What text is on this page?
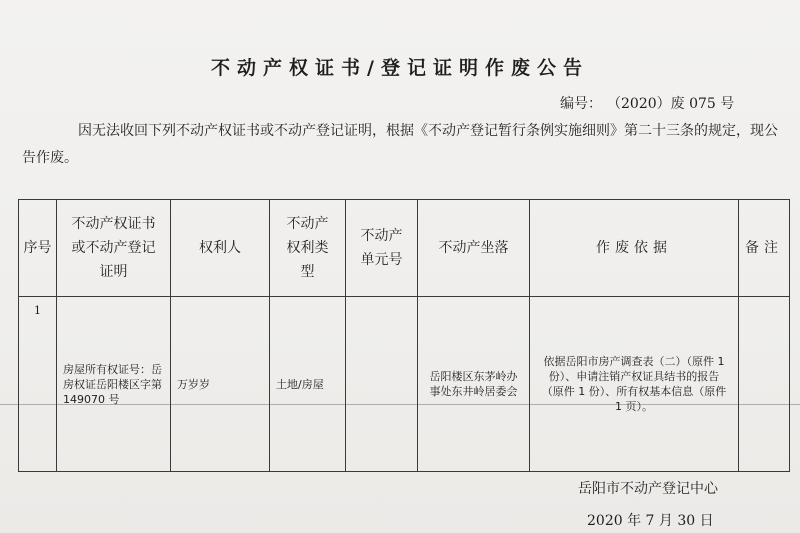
不动产权证书/登记证明作废公告
编号： （2020）废 075 号
因无法收回下列不动产权证书或不动产登记证明，根据《不动产登记暂行条例实施细则》第二十三条的规定，现公告作废。
序号	不动产权证书或不动产登记证明	权利人	不动产权利类型	不动产单元号	不动产坐落	作废依据	备注
1	房屋所有权证号：岳房权证岳阳楼区字第 149070 号	万岁岁	土地/房屋		岳阳楼区东茅岭办事处东井岭居委会	依据岳阳市房产调查表（二）（原件 1 份）、申请注销产权证具结书的报告（原件 1 份）、所有权基本信息（原件 1 页）。	
岳阳市不动产登记中心
2020 年 7 月 30 日
